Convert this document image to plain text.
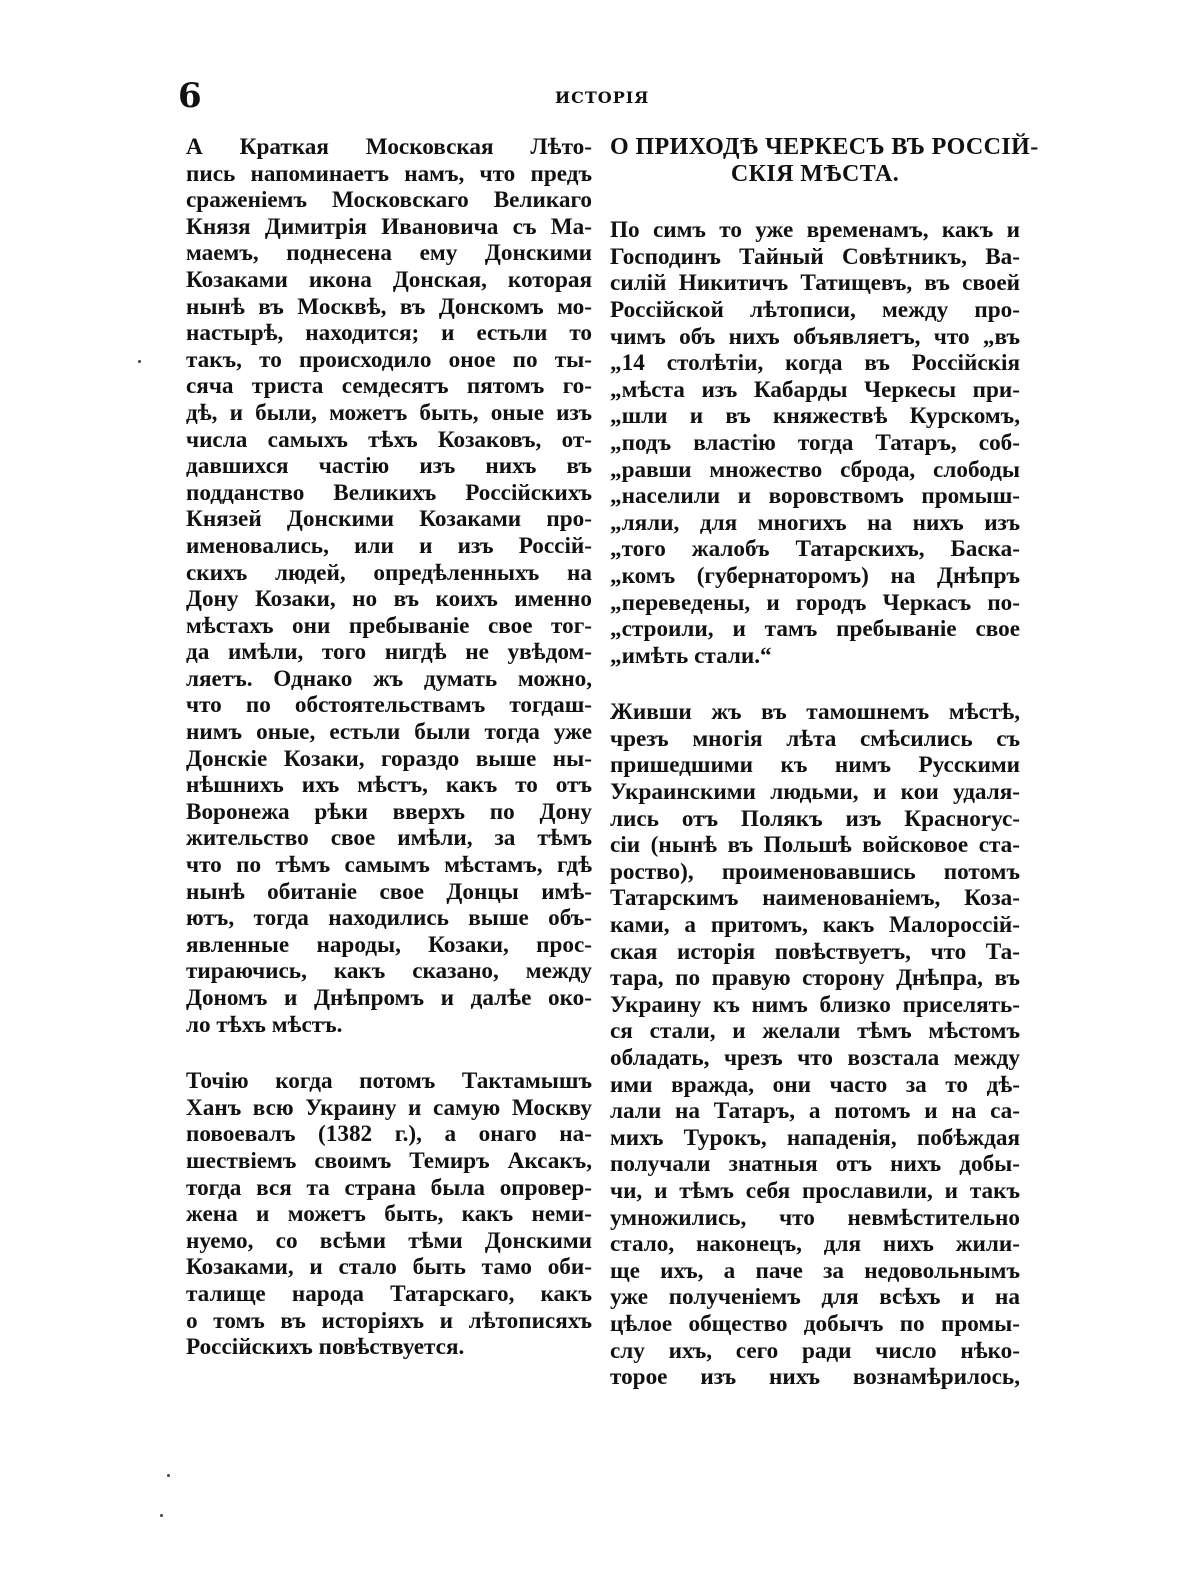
6	ИСТОРІЯ
А Краткая Московская Лѣто-
пись напоминаетъ намъ, что предъ
сраженіемъ Московскаго Великаго
Князя Димитрія Ивановича съ Ма-
маемъ, поднесена ему Донскими
Козаками икона Донская, которая
нынѣ въ Москвѣ, въ Донскомъ мо-
настырѣ, находится; и естьли то
такъ, то происходило оное по ты-
сяча триста семдесятъ пятомъ го-
дѣ, и были, можетъ быть, оные изъ
числа самыхъ тѣхъ Козаковъ, от-
давшихся частію изъ нихъ въ
подданство Великихъ Россійскихъ
Князей Донскими Козаками про-
именовались, или и изъ Россій-
скихъ людей, опредѣленныхъ на
Дону Козаки, но въ коихъ именно
мѣстахъ они пребываніе свое тог-
да имѣли, того нигдѣ не увѣдом-
ляетъ. Однако жъ думать можно,
что по обстоятельствамъ тогдаш-
нимъ оные, естьли были тогда уже
Донскіе Козаки, гораздо выше ны-
нѣшнихъ ихъ мѣстъ, какъ то отъ
Воронежа рѣки вверхъ по Дону
жительство свое имѣли, за тѣмъ
что по тѣмъ самымъ мѣстамъ, гдѣ
нынѣ обитаніе свое Донцы имѣ-
ютъ, тогда находились выше объ-
явленные народы, Козаки, прос-
тираючись, какъ сказано, между
Дономъ и Днѣпромъ и далѣе око-
ло тѣхъ мѣстъ.
Точію когда потомъ Тактамышъ
Ханъ всю Украину и самую Москву
повоевалъ (1382 г.), а онаго на-
шествіемъ своимъ Темиръ Аксакъ,
тогда вся та страна была опровер-
жена и можетъ быть, какъ неми-
нуемо, со всѣми тѣми Донскими
Козаками, и стало быть тамо оби-
талище народа Татарскаго, какъ
о томъ въ исторіяхъ и лѣтописяхъ
Россійскихъ повѣствуется.
О ПРИХОДѢ ЧЕРКЕСЪ ВЪ РОССІЙ-
СКІЯ МѢСТА.
По симъ то уже временамъ, какъ и
Господинъ Тайный Совѣтникъ, Ва-
силій Никитичъ Татищевъ, въ своей
Россійской лѣтописи, между про-
чимъ объ нихъ объявляетъ, что „въ
„14 столѣтіи, когда въ Россійскія
„мѣста изъ Кабарды Черкесы при-
„шли и въ княжествѣ Курскомъ,
„подъ властію тогда Татаръ, соб-
„равши множество сброда, слободы
„населили и воровствомъ промыш-
„ляли, для многихъ на нихъ изъ
„того жалобъ Татарскихъ, Баска-
„комъ (губернаторомъ) на Днѣпръ
„переведены, и городъ Черкасъ по-
„строили, и тамъ пребываніе свое
„имѣть стали.“
Живши жъ въ тамошнемъ мѣстѣ,
чрезъ многія лѣта смѣсились съ
пришедшими къ нимъ Русскими
Украинскими людьми, и кои удаля-
лись отъ Полякъ изъ Красноrус-
сіи (нынѣ въ Польшѣ войсковое ста-
роство), проименовавшись потомъ
Татарскимъ наименованіемъ, Коза-
ками, а притомъ, какъ Малороссій-
ская исторія повѣствуетъ, что Та-
тара, по правую сторону Днѣпра, въ
Украину къ нимъ близко приселять-
ся стали, и желали тѣмъ мѣстомъ
обладать, чрезъ что возстала между
ими вражда, они часто за то дѣ-
лали на Татаръ, а потомъ и на са-
михъ Турокъ, нападенія, побѣждая
получали знатныя отъ нихъ добы-
чи, и тѣмъ себя прославили, и такъ
умножились, что невмѣстительно
стало, наконецъ, для нихъ жили-
ще ихъ, а паче за недовольнымъ
уже полученіемъ для всѣхъ и на
цѣлое общество добычъ по промы-
слу ихъ, сего ради число нѣко-
торое изъ нихъ вознамѣрилось,
